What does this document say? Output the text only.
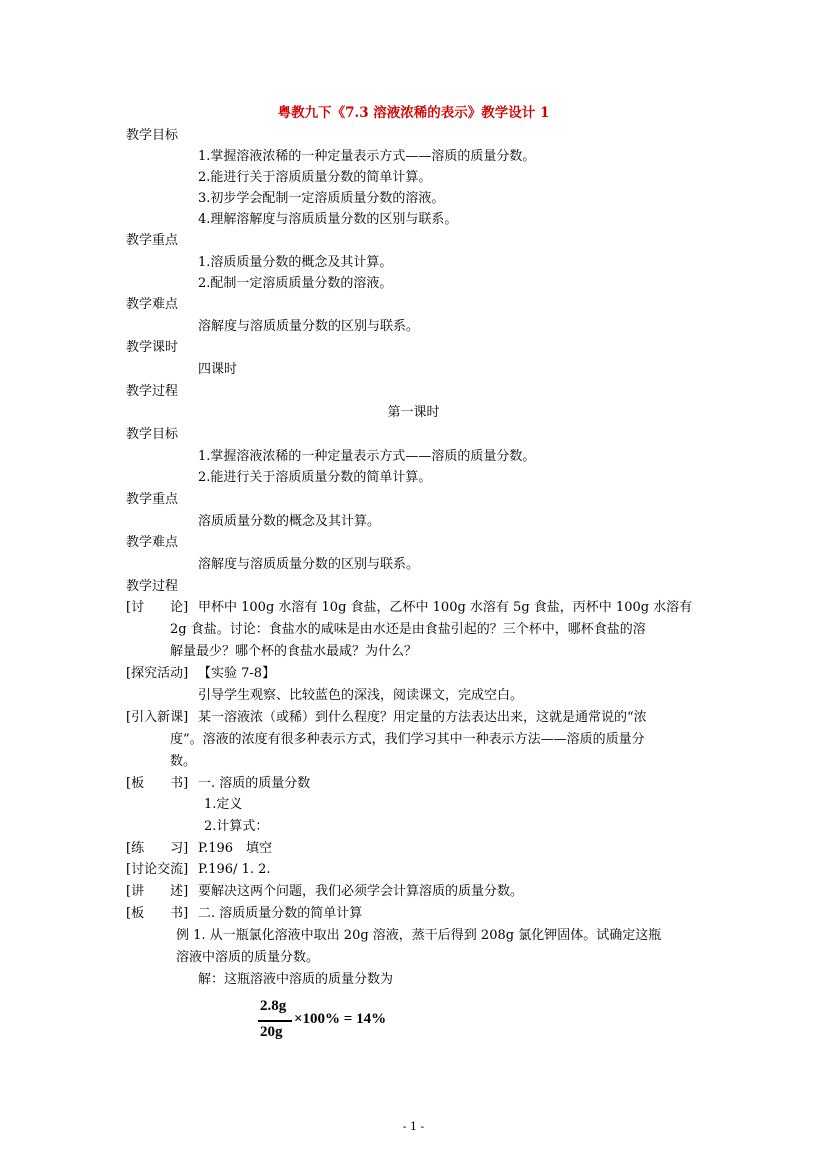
粤教九下《7.3 溶液浓稀的表示》教学设计 1
教学目标
1.掌握溶液浓稀的一种定量表示方式——溶质的质量分数。
2.能进行关于溶质质量分数的简单计算。
3.初步学会配制一定溶质质量分数的溶液。
4.理解溶解度与溶质质量分数的区别与联系。
教学重点
1.溶质质量分数的概念及其计算。
2.配制一定溶质质量分数的溶液。
教学难点
溶解度与溶质质量分数的区别与联系。
教学课时
四课时
教学过程
第一课时
教学目标
1.掌握溶液浓稀的一种定量表示方式——溶质的质量分数。
2.能进行关于溶质质量分数的简单计算。
教学重点
溶质质量分数的概念及其计算。
教学难点
溶解度与溶质质量分数的区别与联系。
教学过程
[讨　　论] 甲杯中 100g 水溶有 10g 食盐，乙杯中 100g 水溶有 5g 食盐，丙杯中 100g 水溶有
2g 食盐。讨论：食盐水的咸味是由水还是由食盐引起的？三个杯中，哪杯食盐的溶
解量最少？哪个杯的食盐水最咸？为什么？
[探究活动] 【实验 7-8】
引导学生观察、比较蓝色的深浅，阅读课文，完成空白。
[引入新课] 某一溶液浓（或稀）到什么程度？用定量的方法表达出来，这就是通常说的“浓
度”。溶液的浓度有很多种表示方式，我们学习其中一种表示方法——溶质的质量分
数。
[板　　书] 一. 溶质的质量分数
1.定义
2.计算式：
[练　　习] P.196　填空
[讨论交流] P.196/ 1. 2.
[讲　　述] 要解决这两个问题，我们必须学会计算溶质的质量分数。
[板　　书] 二. 溶质质量分数的简单计算
例 1. 从一瓶氯化溶液中取出 20g 溶液，蒸干后得到 208g 氯化钾固体。试确定这瓶
溶液中溶质的质量分数。
解：这瓶溶液中溶质的质量分数为
2.8g
20g
×100% = 14%
- 1 -
